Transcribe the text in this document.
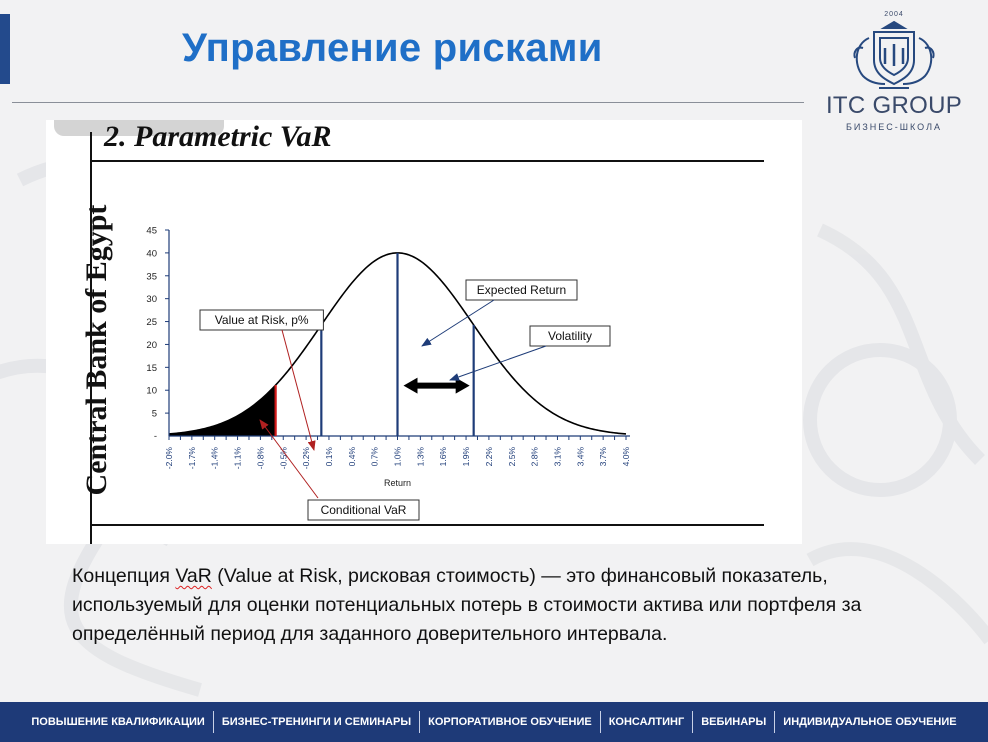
Управление рисками
2004
ITC GROUP
БИЗНЕС-ШКОЛА
2. Parametric VaR
Central Bank of Egypt	45
40
35
30
25
20
15
10
5
-
-2.0% -1.7% -1.4% -1.1% -0.8% -0.5% -0.2% 0.1% 0.4% 0.7% 1.0% 1.3% 1.6% 1.9% 2.2% 2.5% 2.8% 3.1% 3.4% 3.7% 4.0%
Return
Expected Return
Volatility
Value at Risk, p%
Conditional VaR
Концепция VaR (Value at Risk, рисковая стоимость) — это финансовый показатель, используемый для оценки потенциальных потерь в стоимости актива или портфеля за определённый период для заданного доверительного интервала.
ПОВЫШЕНИЕ КВАЛИФИКАЦИИ	БИЗНЕС-ТРЕНИНГИ И СЕМИНАРЫ	КОРПОРАТИВНОЕ ОБУЧЕНИЕ	КОНСАЛТИНГ	ВЕБИНАРЫ	ИНДИВИДУАЛЬНОЕ ОБУЧЕНИЕ
